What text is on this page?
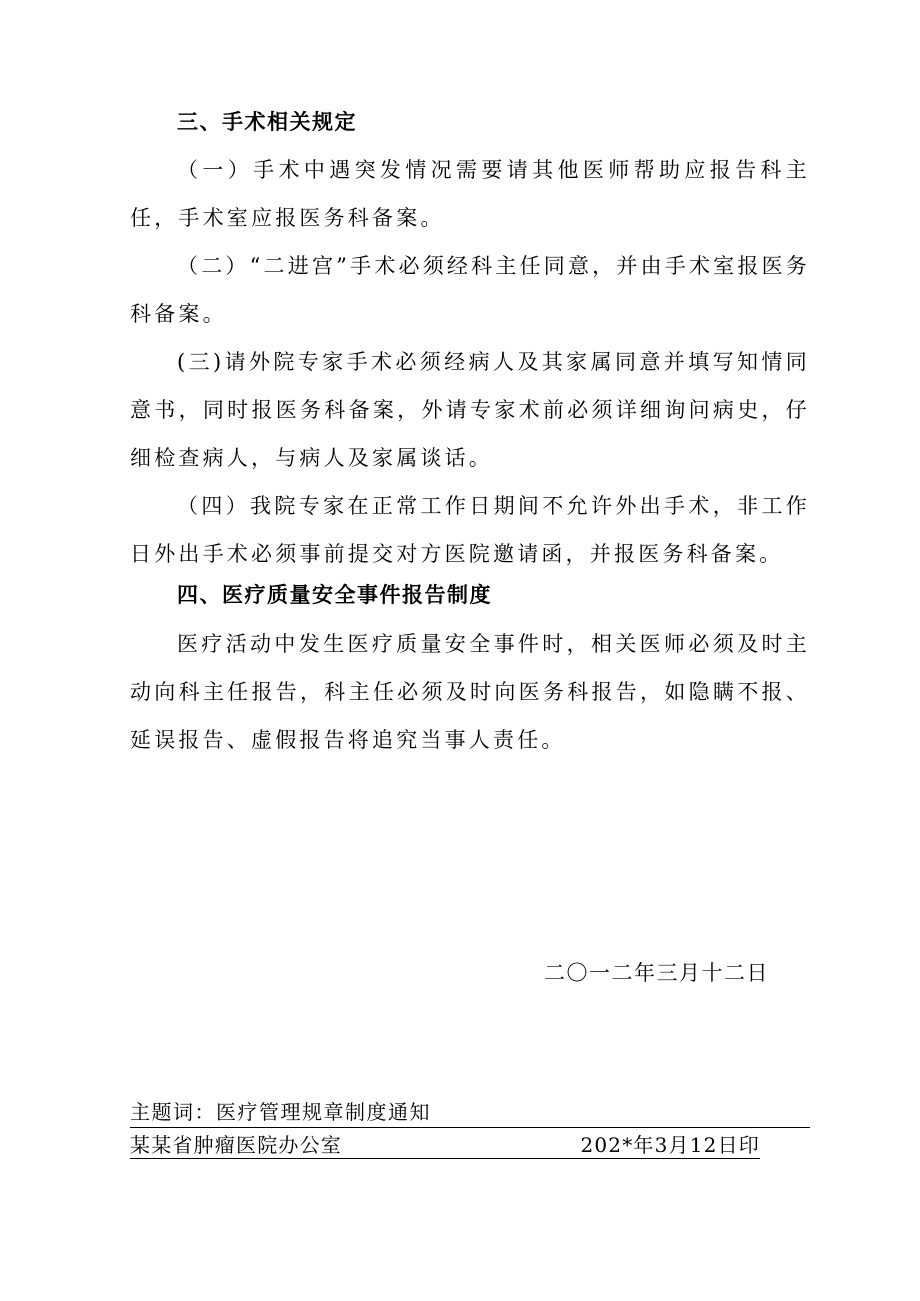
三、手术相关规定

（一）手术中遇突发情况需要请其他医师帮助应报告科主任，手术室应报医务科备案。

（二）“二进宫”手术必须经科主任同意，并由手术室报医务科备案。

(三)请外院专家手术必须经病人及其家属同意并填写知情同意书，同时报医务科备案，外请专家术前必须详细询问病史，仔细检查病人，与病人及家属谈话。

（四）我院专家在正常工作日期间不允许外出手术，非工作日外出手术必须事前提交对方医院邀请函，并报医务科备案。

四、医疗质量安全事件报告制度

医疗活动中发生医疗质量安全事件时，相关医师必须及时主动向科主任报告，科主任必须及时向医务科报告，如隐瞒不报、延误报告、虚假报告将追究当事人责任。

二〇一二年三月十二日
主题词：医疗管理规章制度通知
某某省肿瘤医院办公室	202*年3月12日印
